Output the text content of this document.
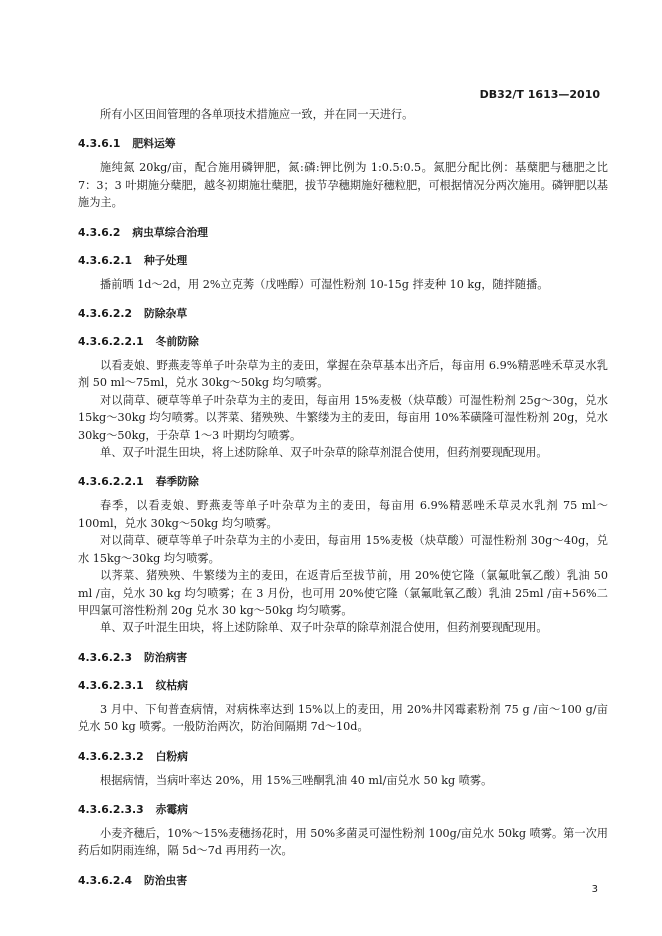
DB32/T 1613—2010

所有小区田间管理的各单项技术措施应一致，并在同一天进行。

4.3.6.1 肥料运筹

施纯氮 20kg/亩，配合施用磷钾肥，氮:磷:钾比例为 1:0.5:0.5。氮肥分配比例：基蘖肥与穗肥之比 7：3；3 叶期施分蘖肥，越冬初期施壮蘖肥，拔节孕穗期施好穗粒肥，可根据情况分两次施用。磷钾肥以基施为主。

4.3.6.2 病虫草综合治理
4.3.6.2.1 种子处理

播前晒 1d～2d，用 2%立克莠（戊唑醇）可湿性粉剂 10-15g 拌麦种 10 kg，随拌随播。

4.3.6.2.2 防除杂草
4.3.6.2.2.1 冬前防除

以看麦娘、野燕麦等单子叶杂草为主的麦田，掌握在杂草基本出齐后，每亩用 6.9%精恶唑禾草灵水乳剂 50 ml～75ml，兑水 30kg～50kg 均匀喷雾。

对以茼草、硬草等单子叶杂草为主的麦田，每亩用 15%麦极（炔草酸）可湿性粉剂 25g～30g，兑水 15kg～30kg 均匀喷雾。以荠菜、猪殃殃、牛繁缕为主的麦田，每亩用 10%苯磺隆可湿性粉剂 20g，兑水 30kg～50kg，于杂草 1～3 叶期均匀喷雾。

单、双子叶混生田块，将上述防除单、双子叶杂草的除草剂混合使用，但药剂要现配现用。

4.3.6.2.2.1 春季防除

春季，以看麦娘、野燕麦等单子叶杂草为主的麦田，每亩用 6.9%精恶唑禾草灵水乳剂 75 ml～100ml，兑水 30kg～50kg 均匀喷雾。

对以茼草、硬草等单子叶杂草为主的小麦田，每亩用 15%麦极（炔草酸）可湿性粉剂 30g～40g，兑水 15kg～30kg 均匀喷雾。

以荠菜、猪殃殃、牛繁缕为主的麦田，在返青后至拔节前，用 20%使它隆（氯氟吡氧乙酸）乳油 50 ml /亩，兑水 30 kg 均匀喷雾；在 3 月份，也可用 20%使它隆（氯氟吡氧乙酸）乳油 25ml /亩+56%二甲四氯可溶性粉剂 20g 兑水 30 kg～50kg 均匀喷雾。

单、双子叶混生田块，将上述防除单、双子叶杂草的除草剂混合使用，但药剂要现配现用。

4.3.6.2.3 防治病害
4.3.6.2.3.1 纹枯病

3 月中、下旬普查病情，对病株率达到 15%以上的麦田，用 20%井冈霉素粉剂 75 g /亩～100 g/亩兑水 50 kg 喷雾。一般防治两次，防治间隔期 7d～10d。

4.3.6.2.3.2 白粉病

根据病情，当病叶率达 20%，用 15%三唑酮乳油 40 ml/亩兑水 50 kg 喷雾。

4.3.6.2.3.3 赤霉病

小麦齐穗后，10%～15%麦穗扬花时，用 50%多菌灵可湿性粉剂 100g/亩兑水 50kg 喷雾。第一次用药后如阴雨连绵，隔 5d～7d 再用药一次。

4.3.6.2.4 防治虫害
3
